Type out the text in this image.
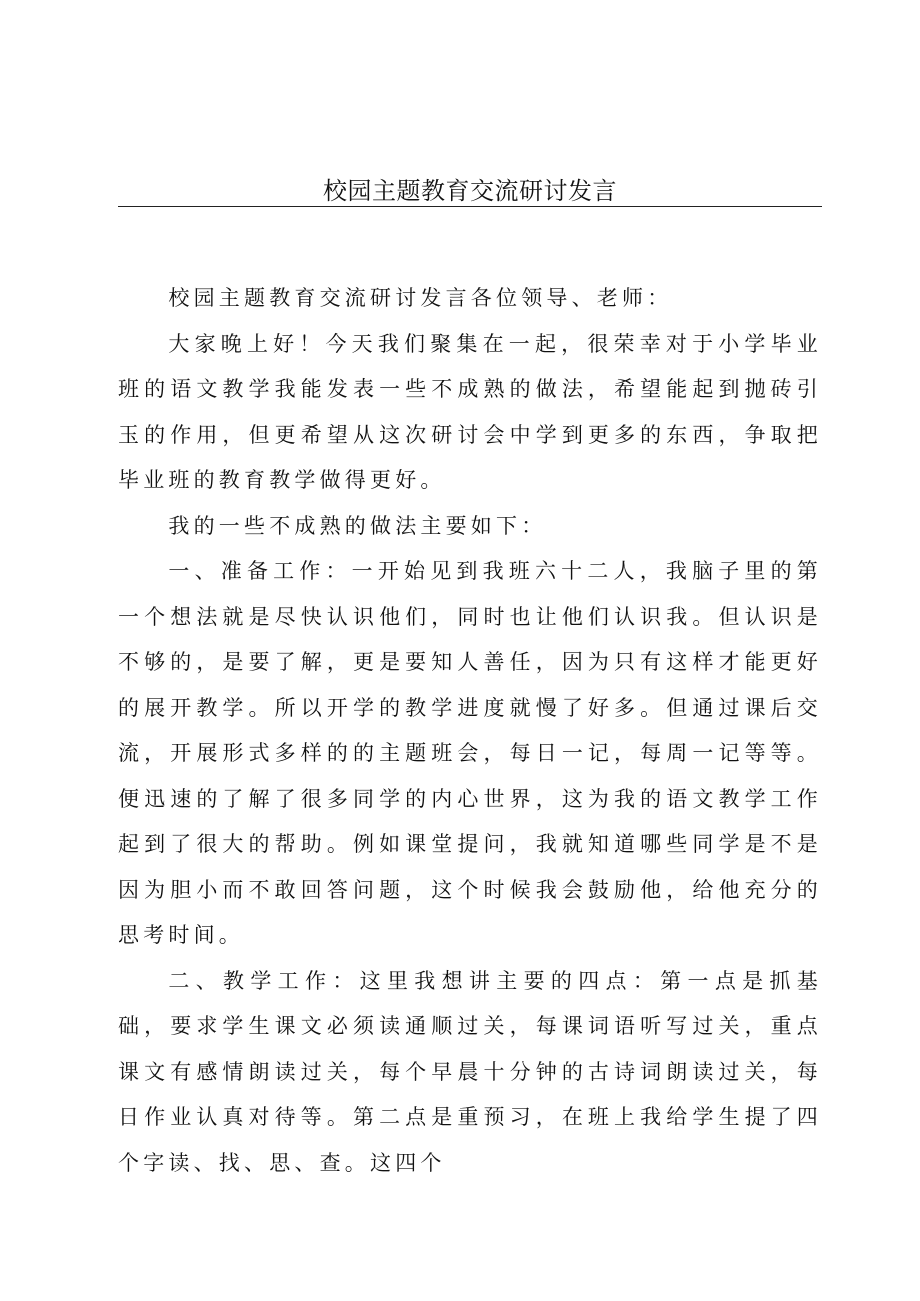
校园主题教育交流研讨发言

校园主题教育交流研讨发言各位领导、老师：

大家晚上好！今天我们聚集在一起，很荣幸对于小学毕业班的语文教学我能发表一些不成熟的做法，希望能起到抛砖引玉的作用，但更希望从这次研讨会中学到更多的东西，争取把毕业班的教育教学做得更好。

我的一些不成熟的做法主要如下：

一、准备工作：一开始见到我班六十二人，我脑子里的第一个想法就是尽快认识他们，同时也让他们认识我。但认识是不够的，是要了解，更是要知人善任，因为只有这样才能更好的展开教学。所以开学的教学进度就慢了好多。但通过课后交流，开展形式多样的的主题班会，每日一记，每周一记等等。便迅速的了解了很多同学的内心世界，这为我的语文教学工作起到了很大的帮助。例如课堂提问，我就知道哪些同学是不是因为胆小而不敢回答问题，这个时候我会鼓励他，给他充分的思考时间。

二、教学工作：这里我想讲主要的四点：第一点是抓基础，要求学生课文必须读通顺过关，每课词语听写过关，重点课文有感情朗读过关，每个早晨十分钟的古诗词朗读过关，每日作业认真对待等。第二点是重预习，在班上我给学生提了四个字读、找、思、查。这四个
